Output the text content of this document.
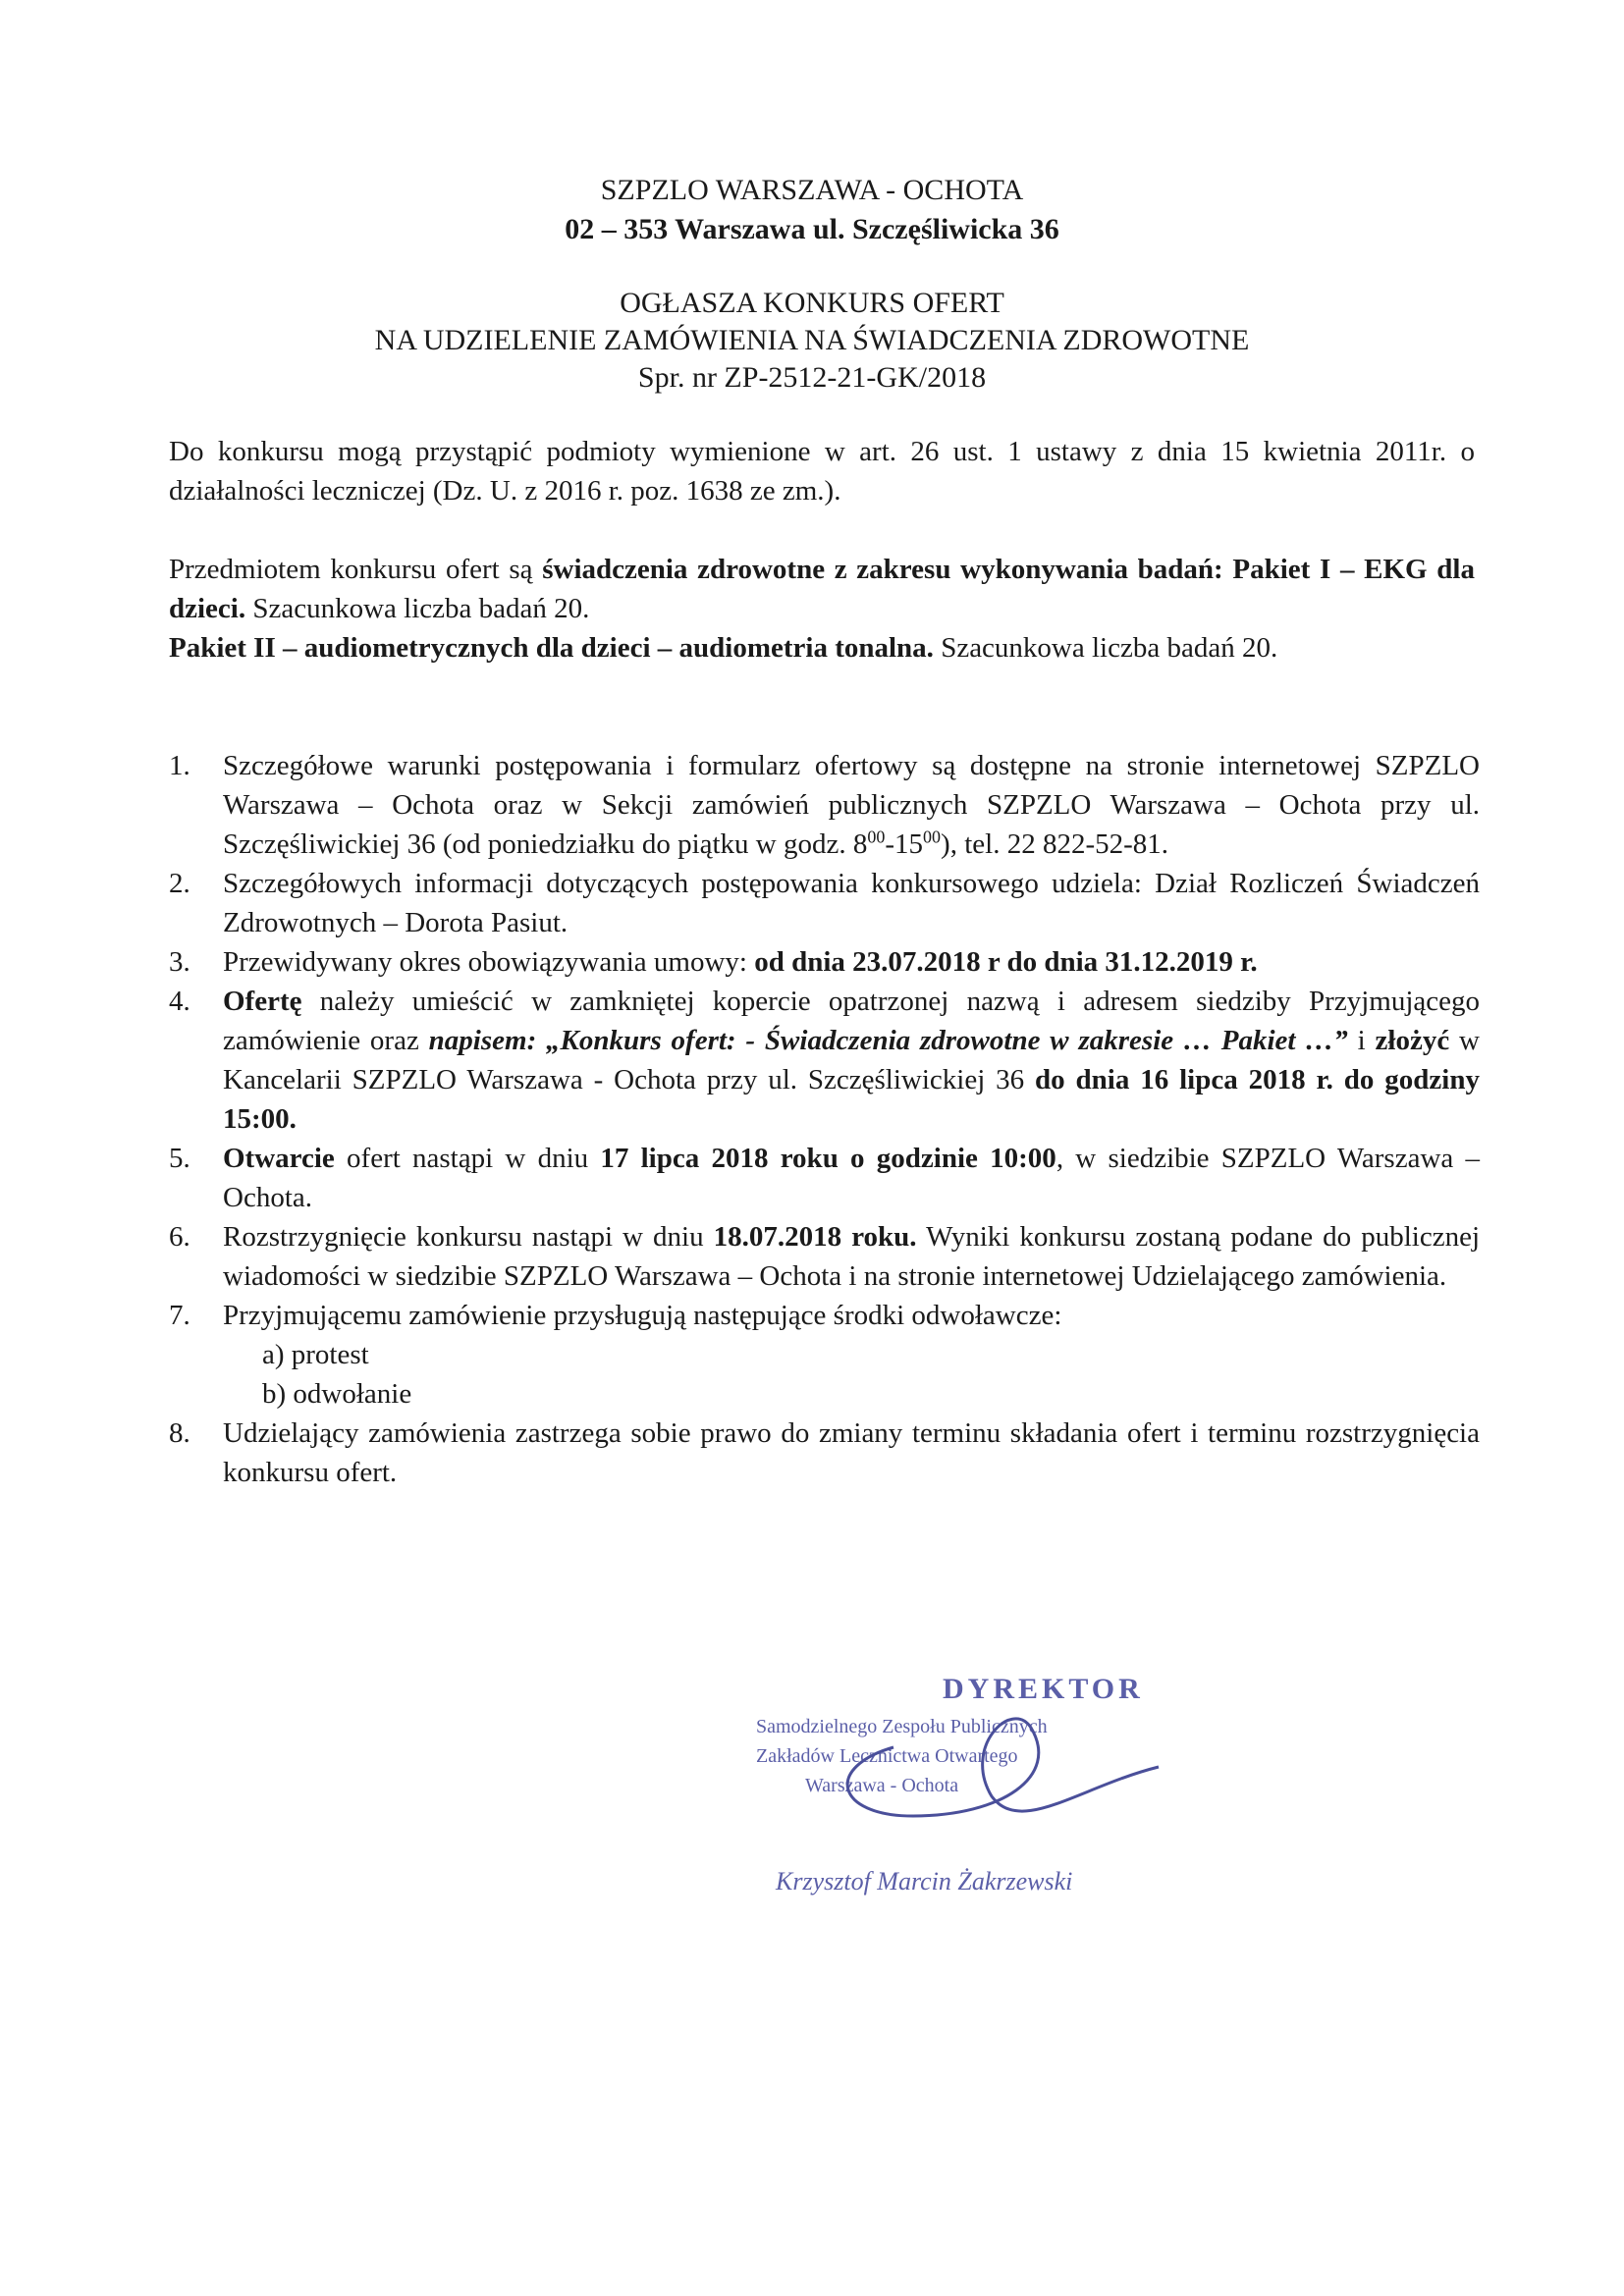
SZPZLO WARSZAWA - OCHOTA
02 – 353 Warszawa ul. Szczęśliwicka 36
OGŁASZA KONKURS OFERT
NA UDZIELENIE ZAMÓWIENIA NA ŚWIADCZENIA ZDROWOTNE
Spr. nr ZP-2512-21-GK/2018
Do konkursu mogą przystąpić podmioty wymienione w art. 26 ust. 1 ustawy z dnia 15 kwietnia 2011r. o działalności leczniczej (Dz. U. z 2016 r. poz. 1638 ze zm.).
Przedmiotem konkursu ofert są świadczenia zdrowotne z zakresu wykonywania badań: Pakiet I – EKG dla dzieci. Szacunkowa liczba badań 20.
Pakiet II – audiometrycznych dla dzieci – audiometria tonalna. Szacunkowa liczba badań 20.
1. Szczegółowe warunki postępowania i formularz ofertowy są dostępne na stronie internetowej SZPZLO Warszawa – Ochota oraz w Sekcji zamówień publicznych SZPZLO Warszawa – Ochota przy ul. Szczęśliwickiej 36 (od poniedziałku do piątku w godz. $8^{00}-15^{00}$), tel. 22 822-52-81.
2. Szczegółowych informacji dotyczących postępowania konkursowego udziela: Dział Rozliczeń Świadczeń Zdrowotnych – Dorota Pasiut.
3. Przewidywany okres obowiązywania umowy: od dnia 23.07.2018 r do dnia 31.12.2019 r.
4. Ofertę należy umieścić w zamkniętej kopercie opatrzonej nazwą i adresem siedziby Przyjmującego zamówienie oraz napisem: „Konkurs ofert: - Świadczenia zdrowotne w zakresie … Pakiet …” i złożyć w Kancelarii SZPZLO Warszawa - Ochota przy ul. Szczęśliwickiej 36 do dnia 16 lipca 2018 r. do godziny 15:00.
5. Otwarcie ofert nastąpi w dniu 17 lipca 2018 roku o godzinie 10:00, w siedzibie SZPZLO Warszawa – Ochota.
6. Rozstrzygnięcie konkursu nastąpi w dniu 18.07.2018 roku. Wyniki konkursu zostaną podane do publicznej wiadomości w siedzibie SZPZLO Warszawa – Ochota i na stronie internetowej Udzielającego zamówienia.
7. Przyjmującemu zamówienie przysługują następujące środki odwoławcze:
a) protest
b) odwołanie
8. Udzielający zamówienia zastrzega sobie prawo do zmiany terminu składania ofert i terminu rozstrzygnięcia konkursu ofert.
DYREKTOR
Samodzielnego Zespołu Publicznych
Zakładów Lecznictwa Otwartego
Warszawa - Ochota
Krzysztof Marcin Żakrzewski
